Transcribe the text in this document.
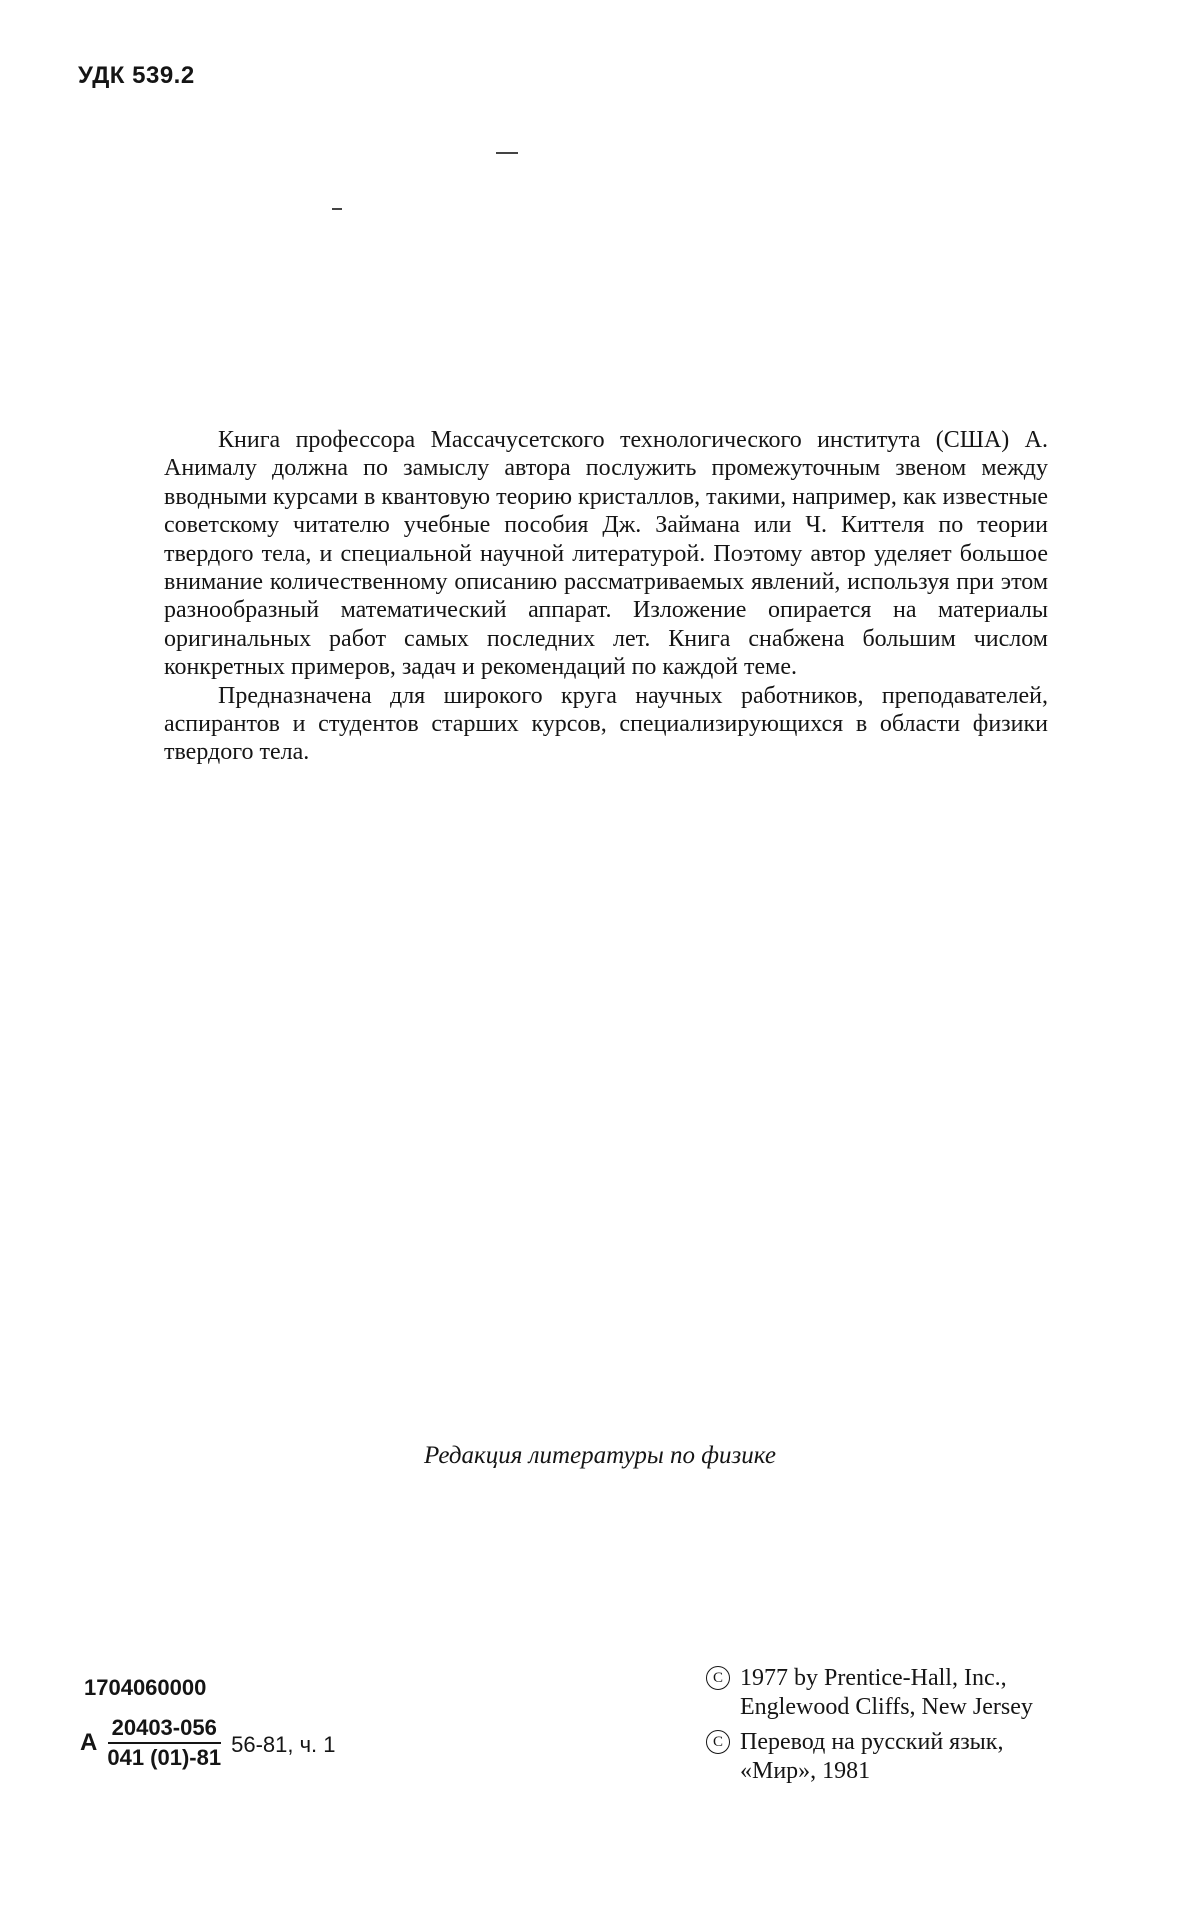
УДК 539.2

Книга профессора Массачусетского технологического института (США) А. Анималу должна по замыслу автора послужить промежуточным звеном между вводными курсами в квантовую теорию кристаллов, такими, например, как известные советскому читателю учебные пособия Дж. Займана или Ч. Киттеля по теории твердого тела, и специальной научной литературой. Поэтому автор уделяет большое внимание количественному описанию рассматриваемых явлений, используя при этом разнообразный математический аппарат. Изложение опирается на материалы оригинальных работ самых последних лет. Книга снабжена большим числом конкретных примеров, задач и рекомендаций по каждой теме.

Предназначена для широкого круга научных работников, преподавателей, аспирантов и студентов старших курсов, специализирующихся в области физики твердого тела.

Редакция литературы по физике
1704060000
А $\frac{20403-056}{041 (01)-81} 56-81$, ч. 1
C 1977 by Prentice-Hall, Inc.,
Englewood Cliffs, New Jersey
C Перевод на русский язык,
«Мир», 1981
